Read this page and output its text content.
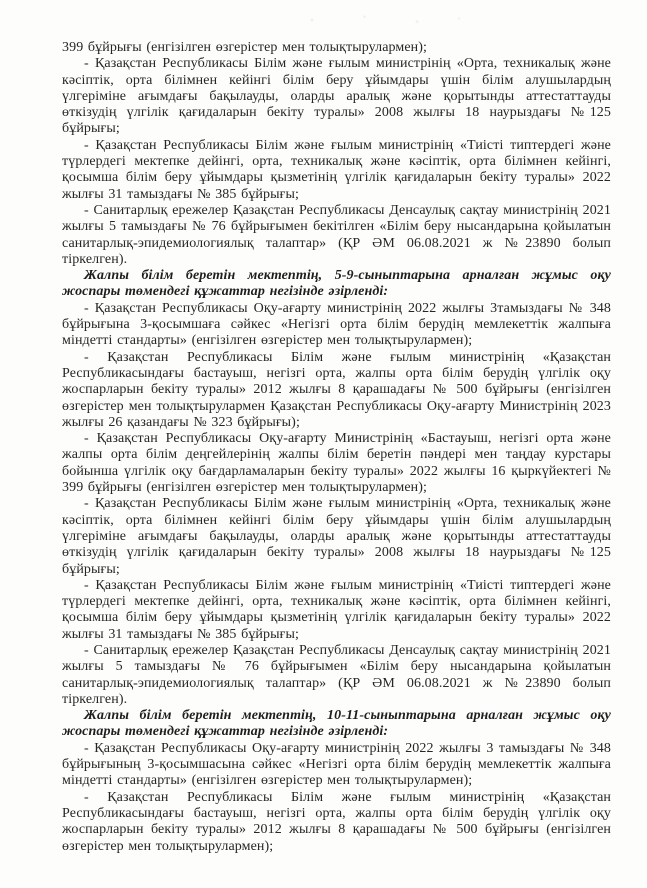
399 бұйрығы (енгізілген өзгерістер мен толықтырулармен);

- Қазақстан Республикасы Білім және ғылым министрінің «Орта, техникалық және кәсіптік, орта білімнен кейінгі білім беру ұйымдары үшін білім алушылардың үлгеріміне ағымдағы бақылауды, оларды аралық және қорытынды аттестаттауды өткізудің үлгілік қағидаларын бекіту туралы» 2008 жылғы 18 наурыздағы №125 бұйрығы;

- Қазақстан Республикасы Білім және ғылым министрінің «Тиісті типтердегі және түрлердегі мектепке дейінгі, орта, техникалық және кәсіптік, орта білімнен кейінгі, қосымша білім беру ұйымдары қызметінің үлгілік қағидаларын бекіту туралы» 2022 жылғы 31 тамыздағы № 385 бұйрығы;

- Санитарлық ережелер Қазақстан Республикасы Денсаулық сақтау министрінің 2021 жылғы 5 тамыздағы № 76 бұйрығымен бекітілген «Білім беру нысандарына қойылатын санитарлық-эпидемиологиялық талаптар» (ҚР ӘМ 06.08.2021 ж №23890 болып тіркелген).

Жалпы білім беретін мектептің, 5-9-сыныптарына арналған жұмыс оқу жоспары төмендегі құжаттар негізінде әзірленді:

- Қазақстан Республикасы Оқу-ағарту министрінің 2022 жылғы 3тамыздағы № 348 бұйрығына 3-қосымшаға сәйкес «Негізгі орта білім берудің мемлекеттік жалпыға міндетті стандарты» (енгізілген өзгерістер мен толықтырулармен);

- Қазақстан Республикасы Білім және ғылым министрінің «Қазақстан Республикасындағы бастауыш, негізгі орта, жалпы орта білім берудің үлгілік оқу жоспарларын бекіту туралы» 2012 жылғы 8 қарашадағы № 500 бұйрығы (енгізілген өзгерістер мен толықтырулармен Қазақстан Республикасы Оқу-ағарту Министрінің 2023 жылғы 26 қазандағы № 323 бұйрығы);

- Қазақстан Республикасы Оқу-ағарту Министрінің «Бастауыш, негізгі орта және жалпы орта білім деңгейлерінің жалпы білім беретін пәндері мен таңдау курстары бойынша үлгілік оқу бағдарламаларын бекіту туралы» 2022 жылғы 16 қыркүйектегі № 399 бұйрығы (енгізілген өзгерістер мен толықтырулармен);

- Қазақстан Республикасы Білім және ғылым министрінің «Орта, техникалық және кәсіптік, орта білімнен кейінгі білім беру ұйымдары үшін білім алушылардың үлгеріміне ағымдағы бақылауды, оларды аралық және қорытынды аттестаттауды өткізудің үлгілік қағидаларын бекіту туралы» 2008 жылғы 18 наурыздағы №125 бұйрығы;

- Қазақстан Республикасы Білім және ғылым министрінің «Тиісті типтердегі және түрлердегі мектепке дейінгі, орта, техникалық және кәсіптік, орта білімнен кейінгі, қосымша білім беру ұйымдары қызметінің үлгілік қағидаларын бекіту туралы» 2022 жылғы 31 тамыздағы № 385 бұйрығы;

- Санитарлық ережелер Қазақстан Республикасы Денсаулық сақтау министрінің 2021 жылғы 5 тамыздағы № 76 бұйрығымен «Білім беру нысандарына қойылатын санитарлық-эпидемиологиялық талаптар» (ҚР ӘМ 06.08.2021 ж №23890 болып тіркелген).

Жалпы білім беретін мектептің, 10-11-сыныптарына арналған жұмыс оқу жоспары төмендегі құжаттар негізінде әзірленді:

- Қазақстан Республикасы Оқу-ағарту министрінің 2022 жылғы 3 тамыздағы № 348 бұйрығының 3-қосымшасына сәйкес «Негізгі орта білім берудің мемлекеттік жалпыға міндетті стандарты» (енгізілген өзгерістер мен толықтырулармен);

- Қазақстан Республикасы Білім және ғылым министрінің «Қазақстан Республикасындағы бастауыш, негізгі орта, жалпы орта білім берудің үлгілік оқу жоспарларын бекіту туралы» 2012 жылғы 8 қарашадағы № 500 бұйрығы (енгізілген өзгерістер мен толықтырулармен);
